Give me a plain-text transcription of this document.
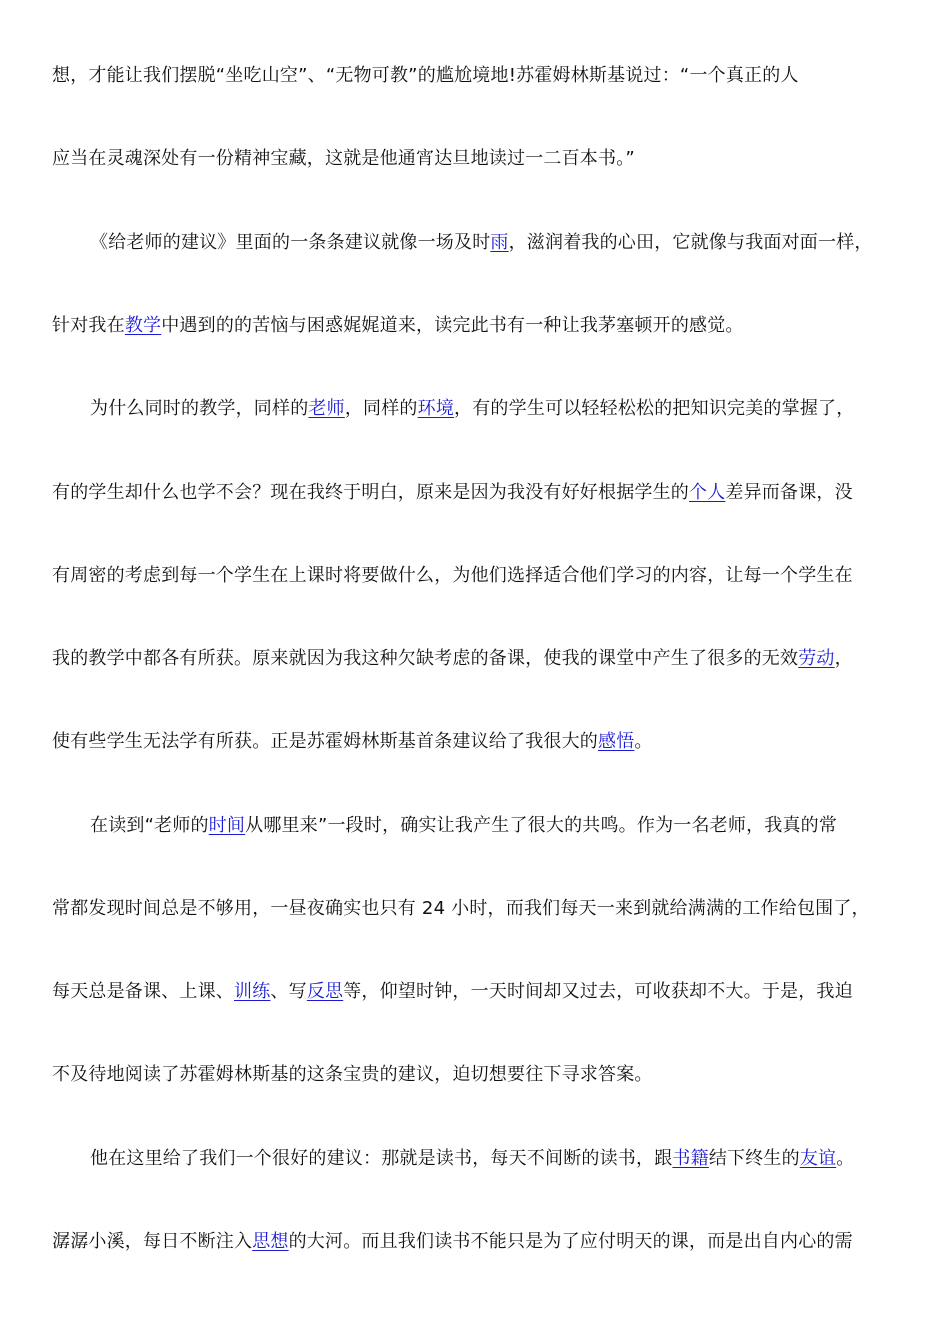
想，才能让我们摆脱“坐吃山空”、“无物可教”的尴尬境地!苏霍姆林斯基说过：“一个真正的人
应当在灵魂深处有一份精神宝藏，这就是他通宵达旦地读过一二百本书。”
《给老师的建议》里面的一条条建议就像一场及时雨，滋润着我的心田，它就像与我面对面一样，
针对我在教学中遇到的的苦恼与困惑娓娓道来，读完此书有一种让我茅塞顿开的感觉。
为什么同时的教学，同样的老师，同样的环境，有的学生可以轻轻松松的把知识完美的掌握了，
有的学生却什么也学不会？现在我终于明白，原来是因为我没有好好根据学生的个人差异而备课，没
有周密的考虑到每一个学生在上课时将要做什么，为他们选择适合他们学习的内容，让每一个学生在
我的教学中都各有所获。原来就因为我这种欠缺考虑的备课，使我的课堂中产生了很多的无效劳动，
使有些学生无法学有所获。正是苏霍姆林斯基首条建议给了我很大的感悟。
在读到“老师的时间从哪里来”一段时，确实让我产生了很大的共鸣。作为一名老师，我真的常
常都发现时间总是不够用，一昼夜确实也只有 24 小时，而我们每天一来到就给满满的工作给包围了，
每天总是备课、上课、训练、写反思等，仰望时钟，一天时间却又过去，可收获却不大。于是，我迫
不及待地阅读了苏霍姆林斯基的这条宝贵的建议，迫切想要往下寻求答案。
他在这里给了我们一个很好的建议：那就是读书，每天不间断的读书，跟书籍结下终生的友谊。
潺潺小溪，每日不断注入思想的大河。而且我们读书不能只是为了应付明天的课，而是出自内心的需
